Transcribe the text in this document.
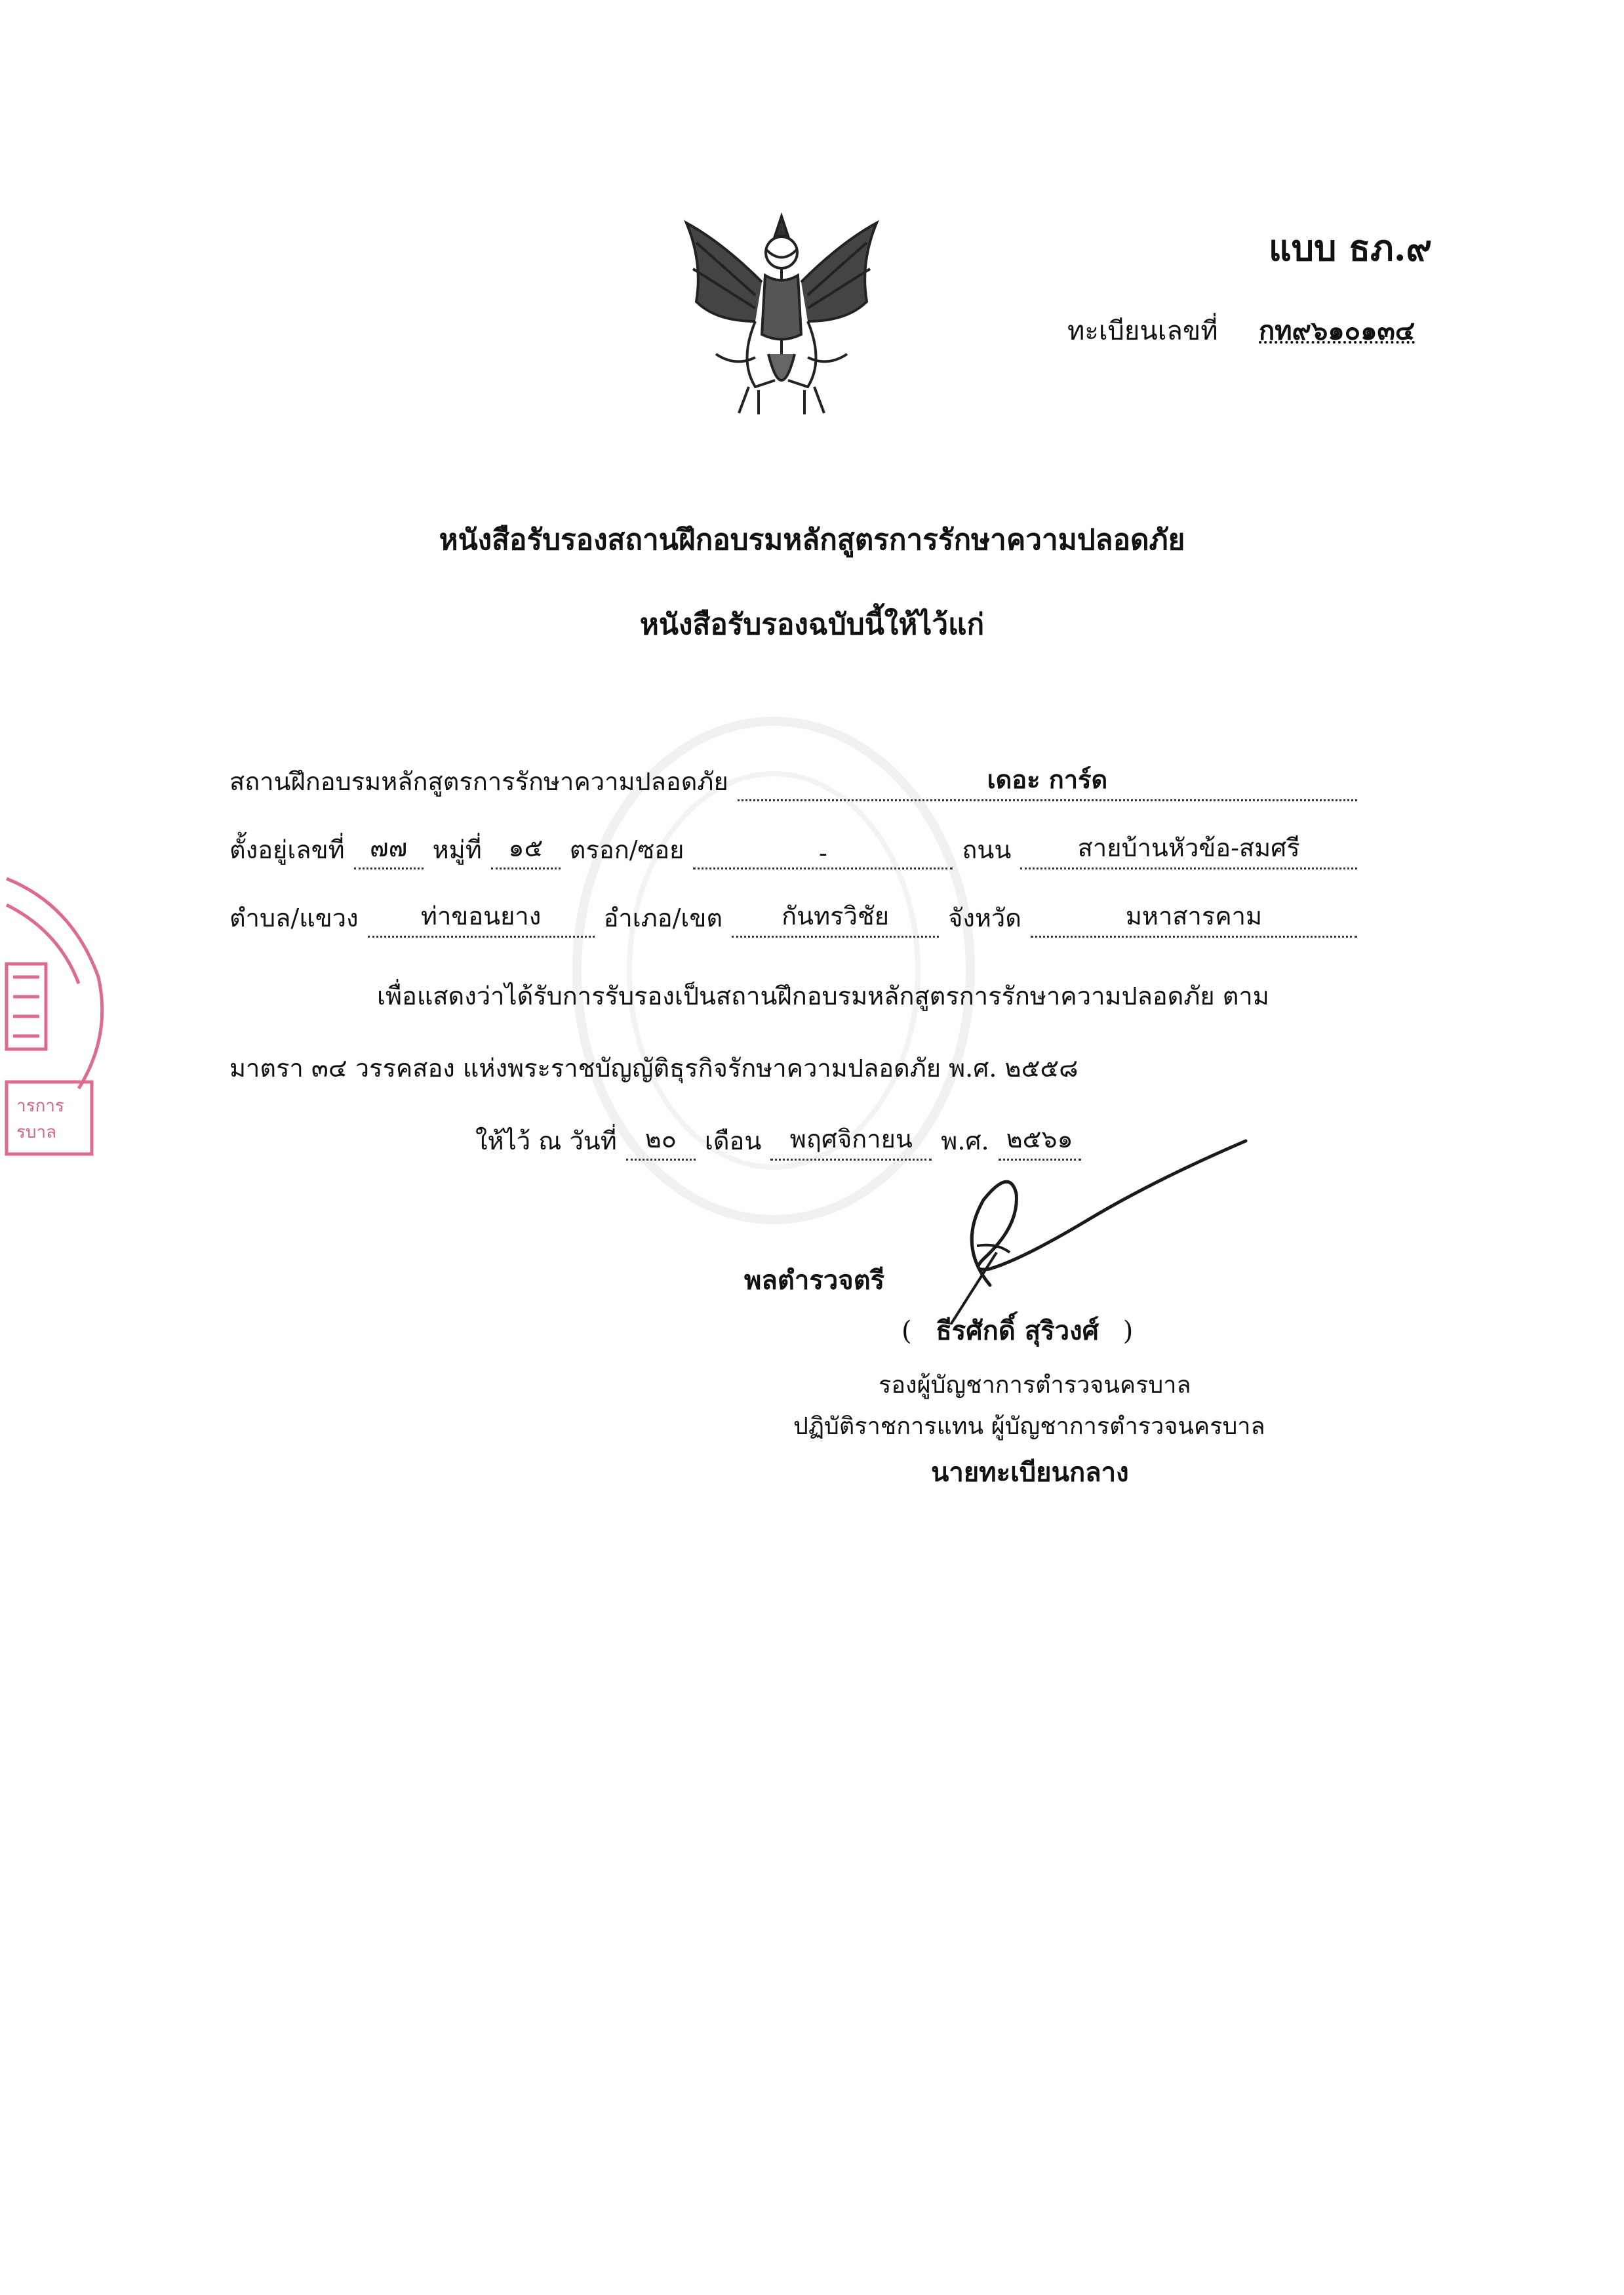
แบบ ธภ.๙
ทะเบียนเลขที่ กท๙๖๑๐๑๓๔
หนังสือรับรองสถานฝึกอบรมหลักสูตรการรักษาความปลอดภัย
หนังสือรับรองฉบับนี้ให้ไว้แก่
สถานฝึกอบรมหลักสูตรการรักษาความปลอดภัย	เดอะ การ์ด
ตั้งอยู่เลขที่	๗๗	หมู่ที่	๑๕	ตรอก/ซอย	-	ถนน	สายบ้านหัวข้อ-สมศรี
ตำบล/แขวง	ท่าขอนยาง	อำเภอ/เขต	กันทรวิชัย	จังหวัด	มหาสารคาม
เพื่อแสดงว่าได้รับการรับรองเป็นสถานฝึกอบรมหลักสูตรการรักษาความปลอดภัย ตาม
มาตรา ๓๔ วรรคสอง แห่งพระราชบัญญัติธุรกิจรักษาความปลอดภัย พ.ศ. ๒๕๕๘
ให้ไว้ ณ วันที่	๒๐	เดือน	พฤศจิกายน	พ.ศ. ๒๕๖๑
พลตำรวจตรี
( ธีรศักดิ์ สุริวงศ์ )
รองผู้บัญชาการตำรวจนครบาล
ปฏิบัติราชการแทน ผู้บัญชาการตำรวจนครบาล
นายทะเบียนกลาง
ารการ
รบาล
